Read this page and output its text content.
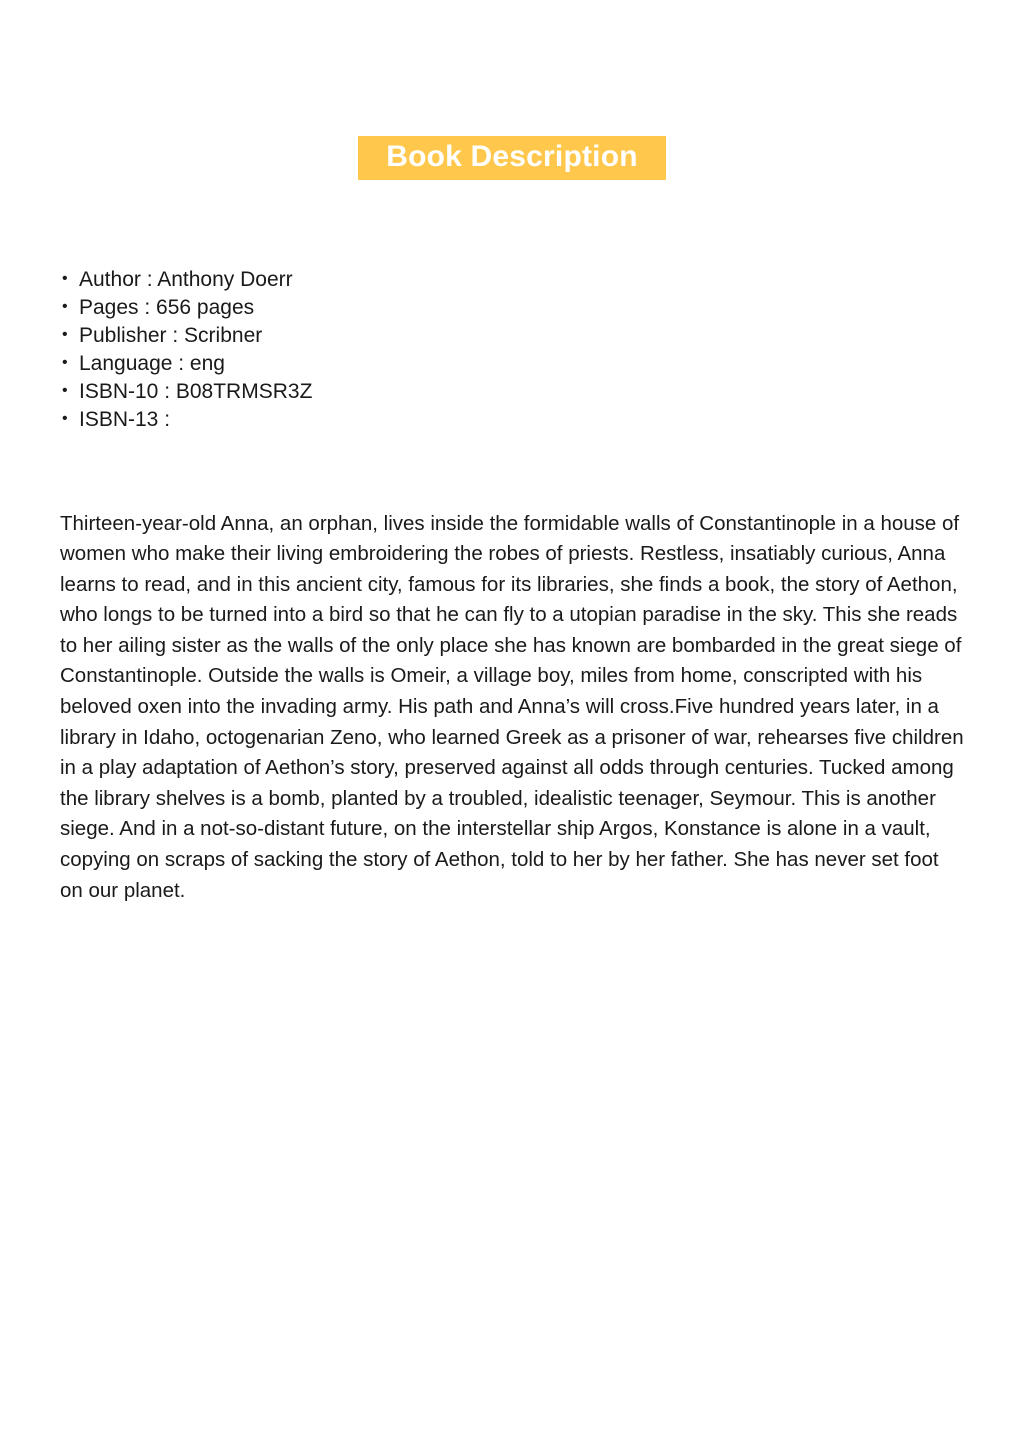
Book Description
• Author : Anthony Doerr
• Pages : 656 pages
• Publisher : Scribner
• Language : eng
• ISBN-10 : B08TRMSR3Z
• ISBN-13 :

Thirteen-year-old Anna, an orphan, lives inside the formidable walls of Constantinople in a house of women who make their living embroidering the robes of priests. Restless, insatiably curious, Anna learns to read, and in this ancient city, famous for its libraries, she finds a book, the story of Aethon, who longs to be turned into a bird so that he can fly to a utopian paradise in the sky. This she reads to her ailing sister as the walls of the only place she has known are bombarded in the great siege of Constantinople. Outside the walls is Omeir, a village boy, miles from home, conscripted with his beloved oxen into the invading army. His path and Anna’s will cross.Five hundred years later, in a library in Idaho, octogenarian Zeno, who learned Greek as a prisoner of war, rehearses five children in a play adaptation of Aethon’s story, preserved against all odds through centuries. Tucked among the library shelves is a bomb, planted by a troubled, idealistic teenager, Seymour. This is another siege. And in a not-so-distant future, on the interstellar ship Argos, Konstance is alone in a vault, copying on scraps of sacking the story of Aethon, told to her by her father. She has never set foot on our planet.
